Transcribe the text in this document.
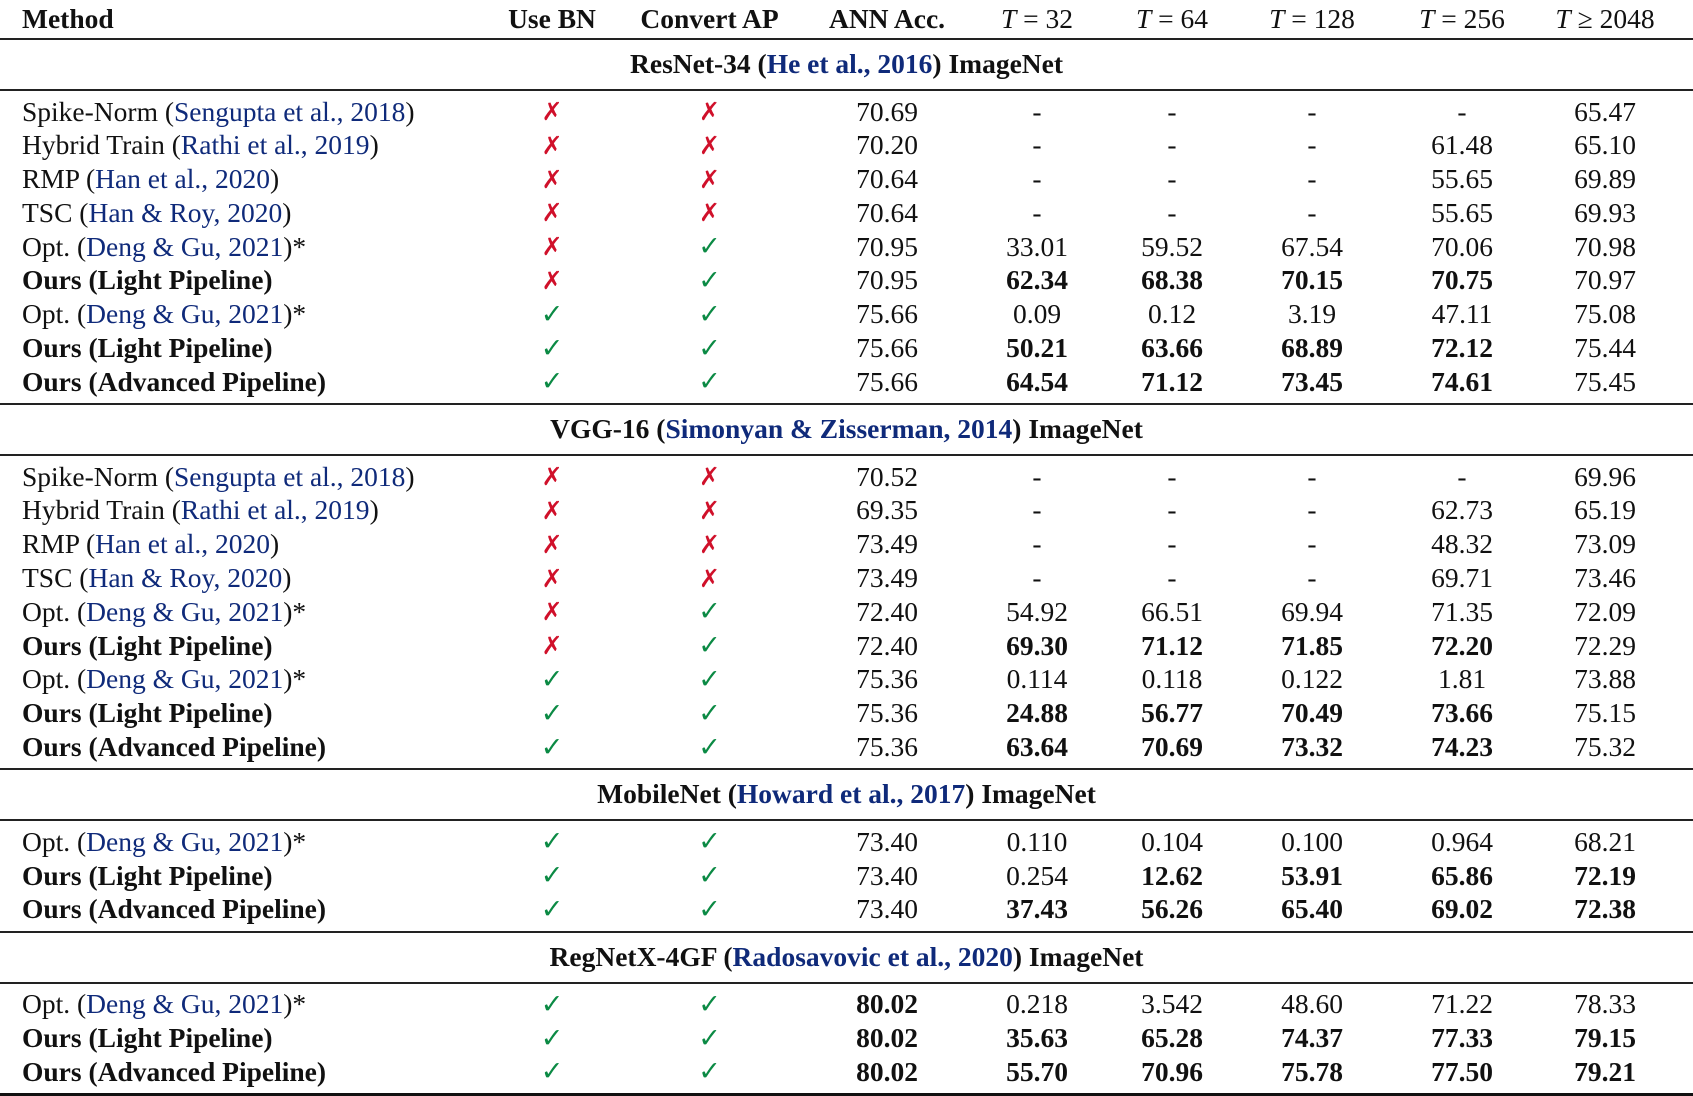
Method	Use BN	Convert AP	ANN Acc.	T = 32	T = 64	T = 128	T = 256	T ≥ 2048
ResNet-34 (He et al., 2016) ImageNet								
Spike-Norm (Sengupta et al., 2018)	✗	✗	70.69	-	-	-	-	65.47
Hybrid Train (Rathi et al., 2019)	✗	✗	70.20	-	-	-	61.48	65.10
RMP (Han et al., 2020)	✗	✗	70.64	-	-	-	55.65	69.89
TSC (Han & Roy, 2020)	✗	✗	70.64	-	-	-	55.65	69.93
Opt. (Deng & Gu, 2021)*	✗	✓	70.95	33.01	59.52	67.54	70.06	70.98
Ours (Light Pipeline)	✗	✓	70.95	62.34	68.38	70.15	70.75	70.97
Opt. (Deng & Gu, 2021)*	✓	✓	75.66	0.09	0.12	3.19	47.11	75.08
Ours (Light Pipeline)	✓	✓	75.66	50.21	63.66	68.89	72.12	75.44
Ours (Advanced Pipeline)	✓	✓	75.66	64.54	71.12	73.45	74.61	75.45
VGG-16 (Simonyan & Zisserman, 2014) ImageNet								
Spike-Norm (Sengupta et al., 2018)	✗	✗	70.52	-	-	-	-	69.96
Hybrid Train (Rathi et al., 2019)	✗	✗	69.35	-	-	-	62.73	65.19
RMP (Han et al., 2020)	✗	✗	73.49	-	-	-	48.32	73.09
TSC (Han & Roy, 2020)	✗	✗	73.49	-	-	-	69.71	73.46
Opt. (Deng & Gu, 2021)*	✗	✓	72.40	54.92	66.51	69.94	71.35	72.09
Ours (Light Pipeline)	✗	✓	72.40	69.30	71.12	71.85	72.20	72.29
Opt. (Deng & Gu, 2021)*	✓	✓	75.36	0.114	0.118	0.122	1.81	73.88
Ours (Light Pipeline)	✓	✓	75.36	24.88	56.77	70.49	73.66	75.15
Ours (Advanced Pipeline)	✓	✓	75.36	63.64	70.69	73.32	74.23	75.32
MobileNet (Howard et al., 2017) ImageNet								
Opt. (Deng & Gu, 2021)*	✓	✓	73.40	0.110	0.104	0.100	0.964	68.21
Ours (Light Pipeline)	✓	✓	73.40	0.254	12.62	53.91	65.86	72.19
Ours (Advanced Pipeline)	✓	✓	73.40	37.43	56.26	65.40	69.02	72.38
RegNetX-4GF (Radosavovic et al., 2020) ImageNet								
Opt. (Deng & Gu, 2021)*	✓	✓	80.02	0.218	3.542	48.60	71.22	78.33
Ours (Light Pipeline)	✓	✓	80.02	35.63	65.28	74.37	77.33	79.15
Ours (Advanced Pipeline)	✓	✓	80.02	55.70	70.96	75.78	77.50	79.21
